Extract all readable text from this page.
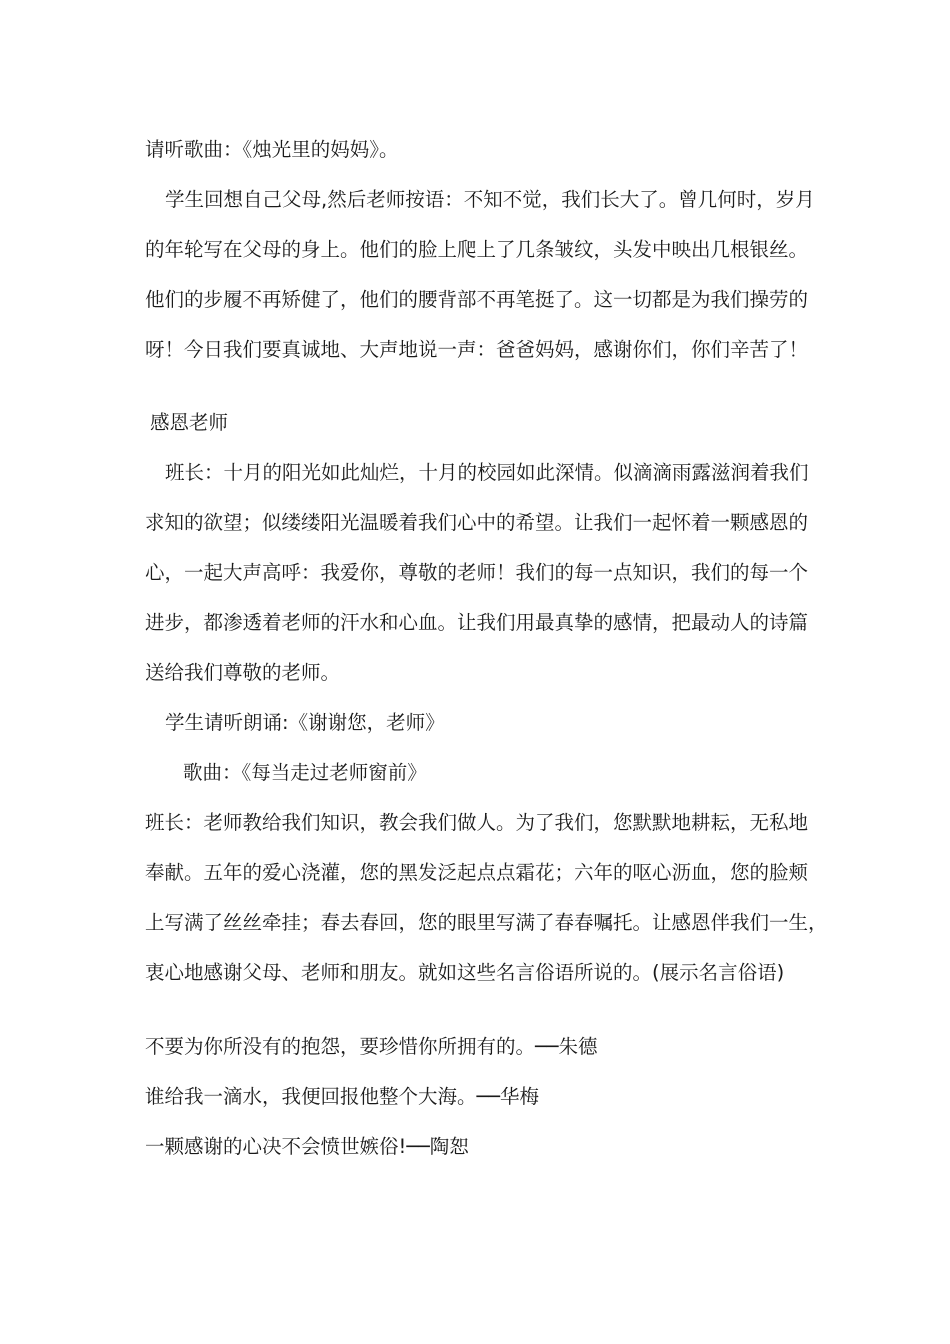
请听歌曲：《烛光里的妈妈》。
学生回想自己父母,然后老师按语：不知不觉，我们长大了。曾几何时，岁月
的年轮写在父母的身上。他们的脸上爬上了几条皱纹，头发中映出几根银丝。
他们的步履不再矫健了，他们的腰背部不再笔挺了。这一切都是为我们操劳的
呀！今日我们要真诚地、大声地说一声：爸爸妈妈，感谢你们，你们辛苦了！
感恩老师
班长：十月的阳光如此灿烂，十月的校园如此深情。似滴滴雨露滋润着我们
求知的欲望；似缕缕阳光温暖着我们心中的希望。让我们一起怀着一颗感恩的
心，一起大声高呼：我爱你，尊敬的老师！我们的每一点知识，我们的每一个
进步，都渗透着老师的汗水和心血。让我们用最真挚的感情，把最动人的诗篇
送给我们尊敬的老师。
学生请听朗诵:《谢谢您，老师》
歌曲：《每当走过老师窗前》
班长：老师教给我们知识，教会我们做人。为了我们，您默默地耕耘，无私地
奉献。五年的爱心浇灌，您的黑发泛起点点霜花；六年的呕心沥血，您的脸颊
上写满了丝丝牵挂；春去春回，您的眼里写满了春春嘱托。让感恩伴我们一生，
衷心地感谢父母、老师和朋友。就如这些名言俗语所说的。(展示名言俗语)
不要为你所没有的抱怨，要珍惜你所拥有的。──朱德
谁给我一滴水，我便回报他整个大海。──华梅
一颗感谢的心决不会愤世嫉俗!──陶恕
